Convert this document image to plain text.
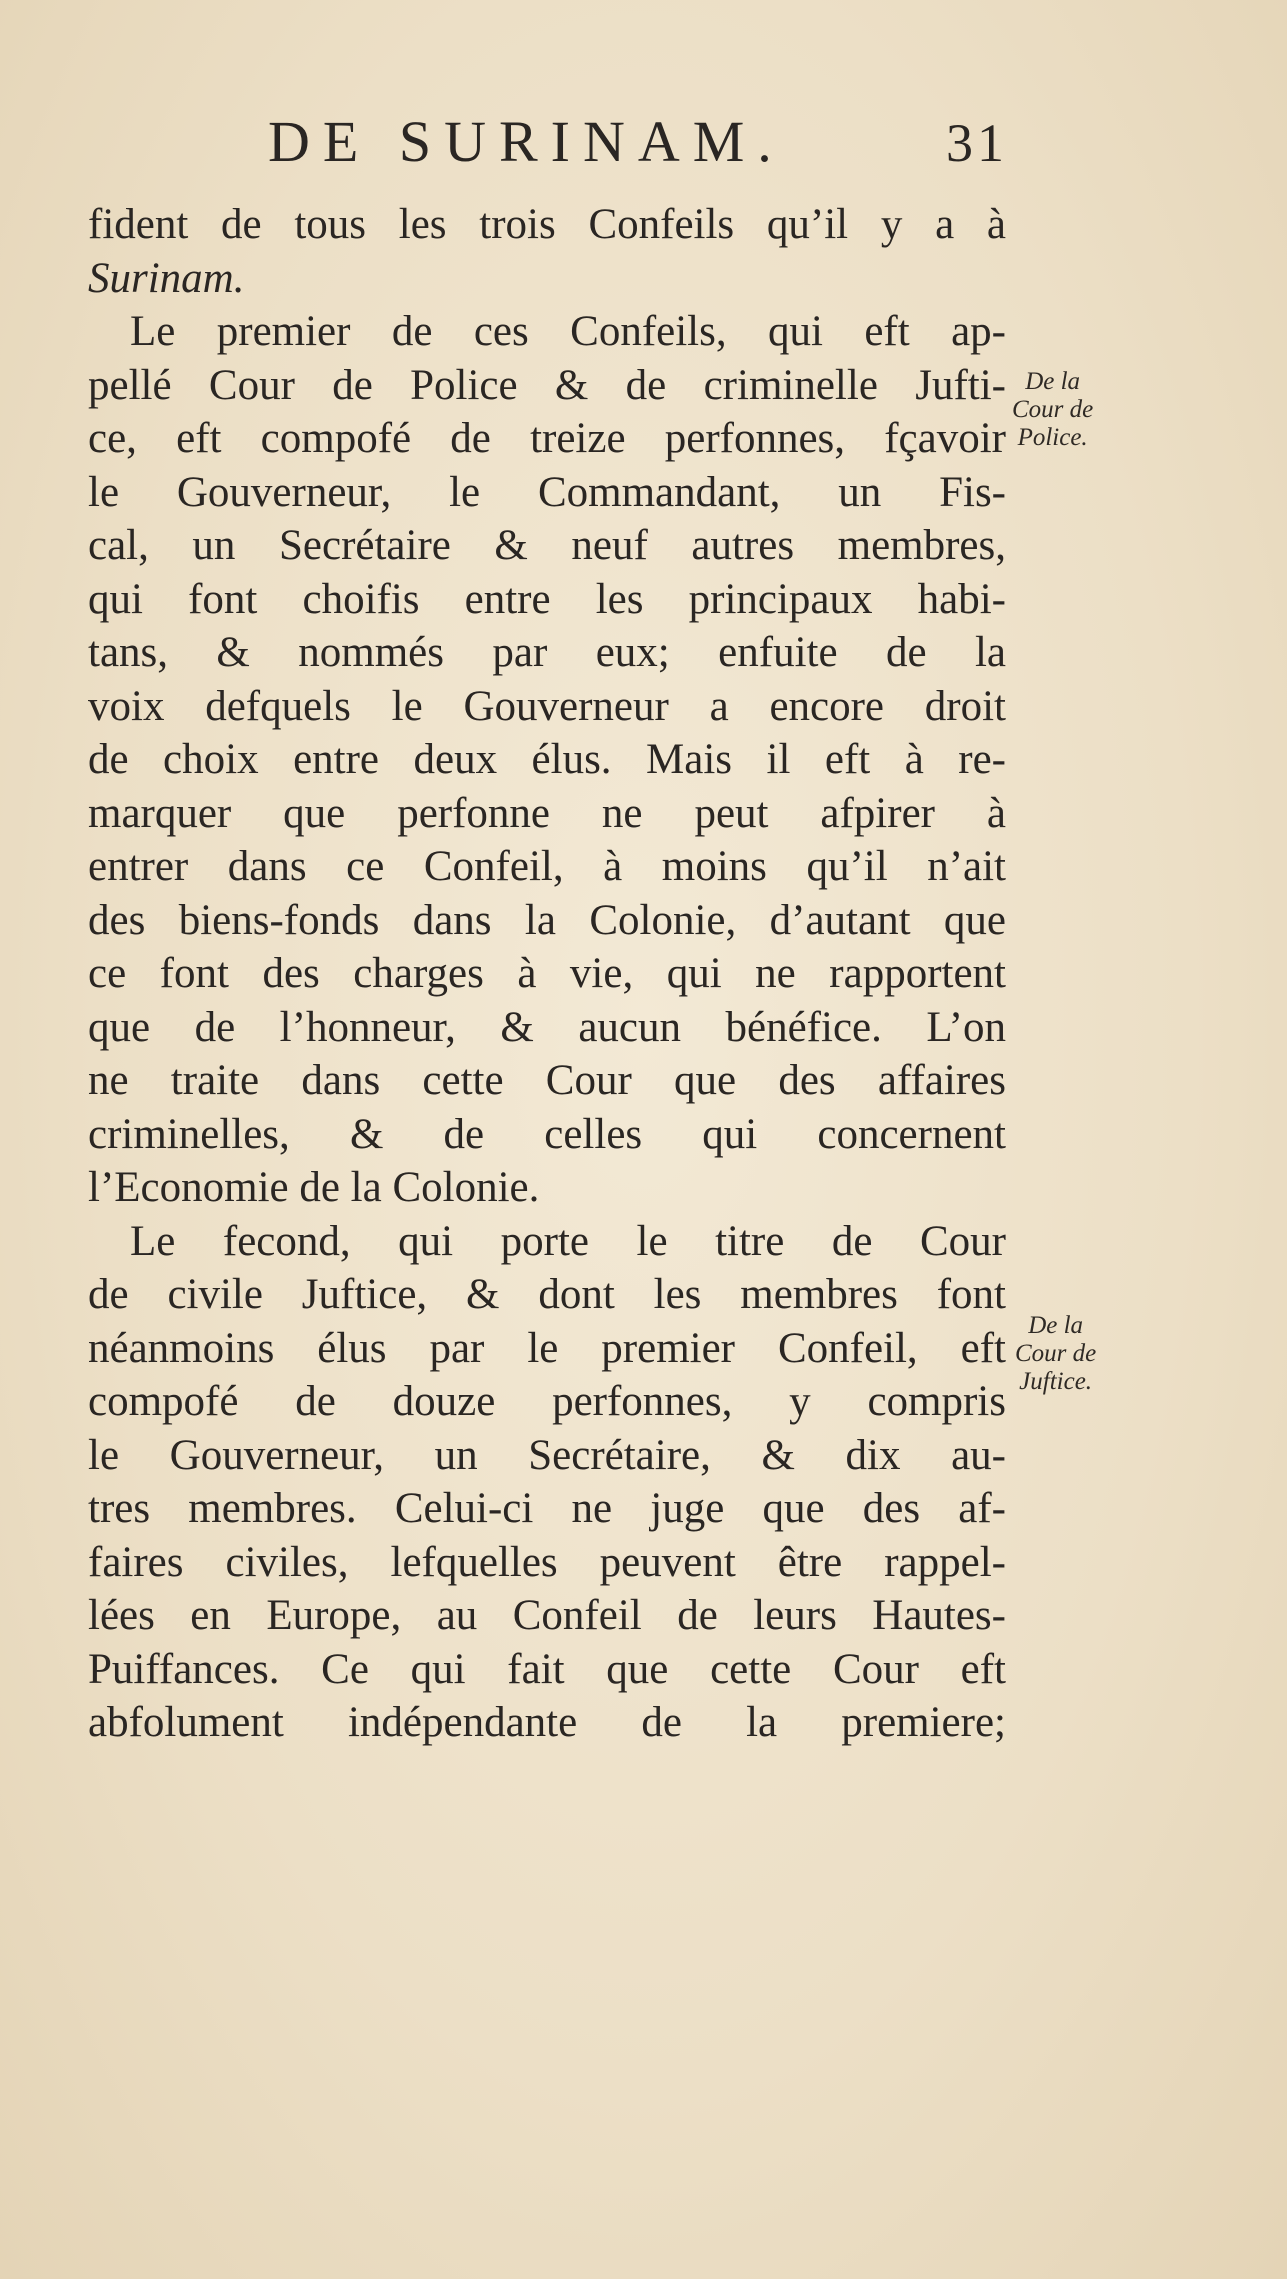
DE SURINAM.	31
fident de tous les trois Confeils qu’il y a à
Surinam.
Le premier de ces Confeils, qui eft ap-
pellé Cour de Police & de criminelle Jufti-
ce, eft compofé de treize perfonnes, fçavoir
le Gouverneur, le Commandant, un Fis-
cal, un Secrétaire & neuf autres membres,
qui font choifis entre les principaux habi-
tans, & nommés par eux; enfuite de la
voix defquels le Gouverneur a encore droit
de choix entre deux élus. Mais il eft à re-
marquer que perfonne ne peut afpirer à
entrer dans ce Confeil, à moins qu’il n’ait
des biens-fonds dans la Colonie, d’autant que
ce font des charges à vie, qui ne rapportent
que de l’honneur, & aucun bénéfice. L’on
ne traite dans cette Cour que des affaires
criminelles, & de celles qui concernent
l’Economie de la Colonie.
Le fecond, qui porte le titre de Cour
de civile Juftice, & dont les membres font
néanmoins élus par le premier Confeil, eft
compofé de douze perfonnes, y compris
le Gouverneur, un Secrétaire, & dix au-
tres membres. Celui-ci ne juge que des af-
faires civiles, lefquelles peuvent être rappel-
lées en Europe, au Confeil de leurs Hautes-
Puiffances. Ce qui fait que cette Cour eft
abfolument indépendante de la premiere;
De la
Cour de
Police.
De la
Cour de
Juftice.
